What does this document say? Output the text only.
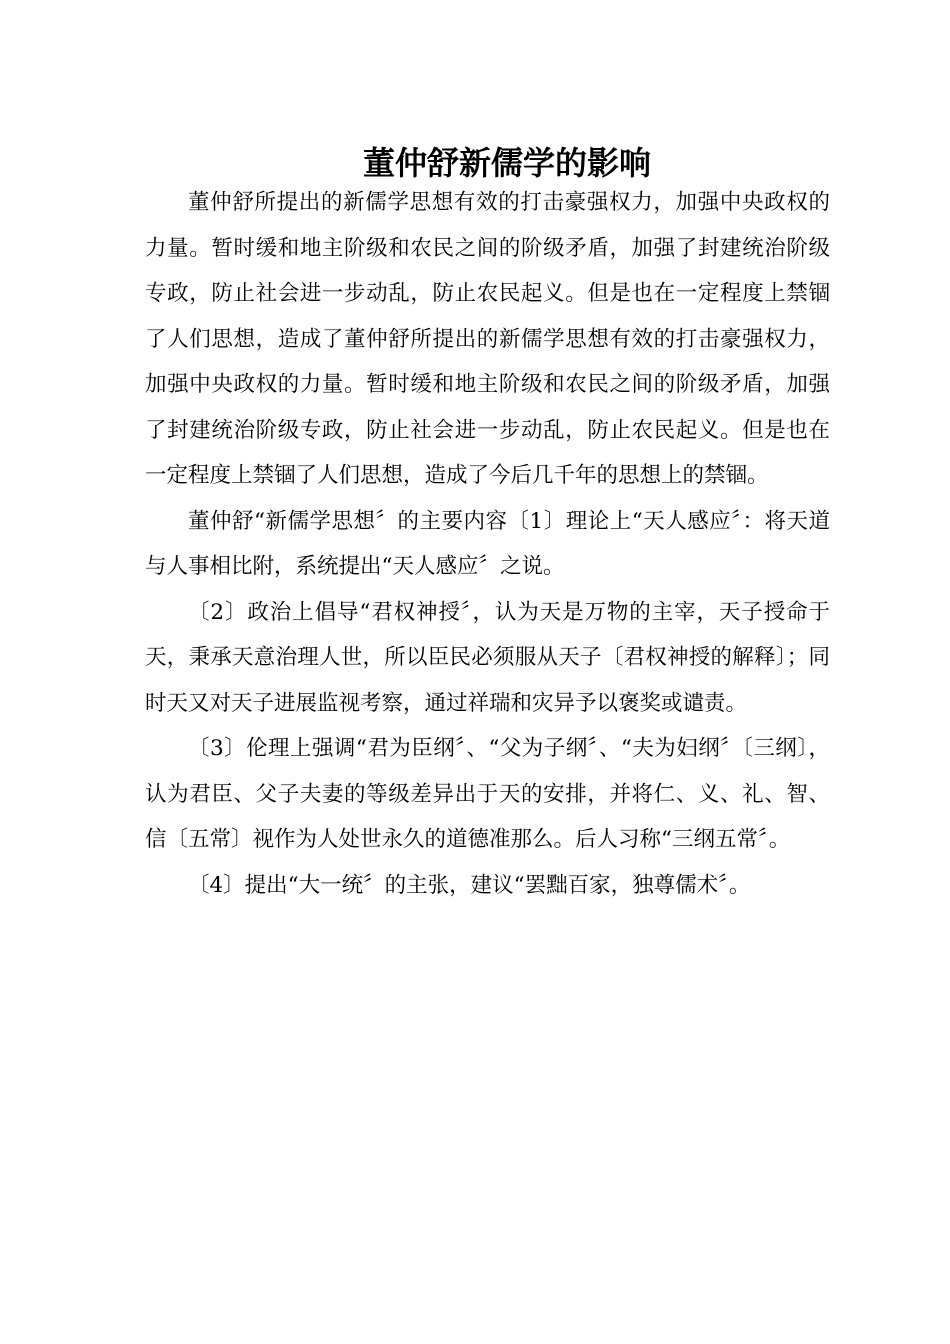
董仲舒新儒学的影响

董仲舒所提出的新儒学思想有效的打击豪强权力，加强中央政权的力量。暂时缓和地主阶级和农民之间的阶级矛盾，加强了封建统治阶级专政，防止社会进一步动乱，防止农民起义。但是也在一定程度上禁锢了人们思想，造成了董仲舒所提出的新儒学思想有效的打击豪强权力，加强中央政权的力量。暂时缓和地主阶级和农民之间的阶级矛盾，加强了封建统治阶级专政，防止社会进一步动乱，防止农民起义。但是也在一定程度上禁锢了人们思想，造成了今后几千年的思想上的禁锢。

董仲舒“新儒学思想〞的主要内容〔1〕理论上“天人感应〞：将天道与人事相比附，系统提出“天人感应〞之说。

〔2〕政治上倡导“君权神授〞，认为天是万物的主宰，天子授命于天，秉承天意治理人世，所以臣民必须服从天子〔君权神授的解释〕；同时天又对天子进展监视考察，通过祥瑞和灾异予以褒奖或谴责。

〔3〕伦理上强调“君为臣纲〞、“父为子纲〞、“夫为妇纲〞〔三纲〕，认为君臣、父子夫妻的等级差异出于天的安排，并将仁、义、礼、智、信〔五常〕视作为人处世永久的道德准那么。后人习称“三纲五常〞。

〔4〕提出“大一统〞的主张，建议“罢黜百家，独尊儒术〞。
